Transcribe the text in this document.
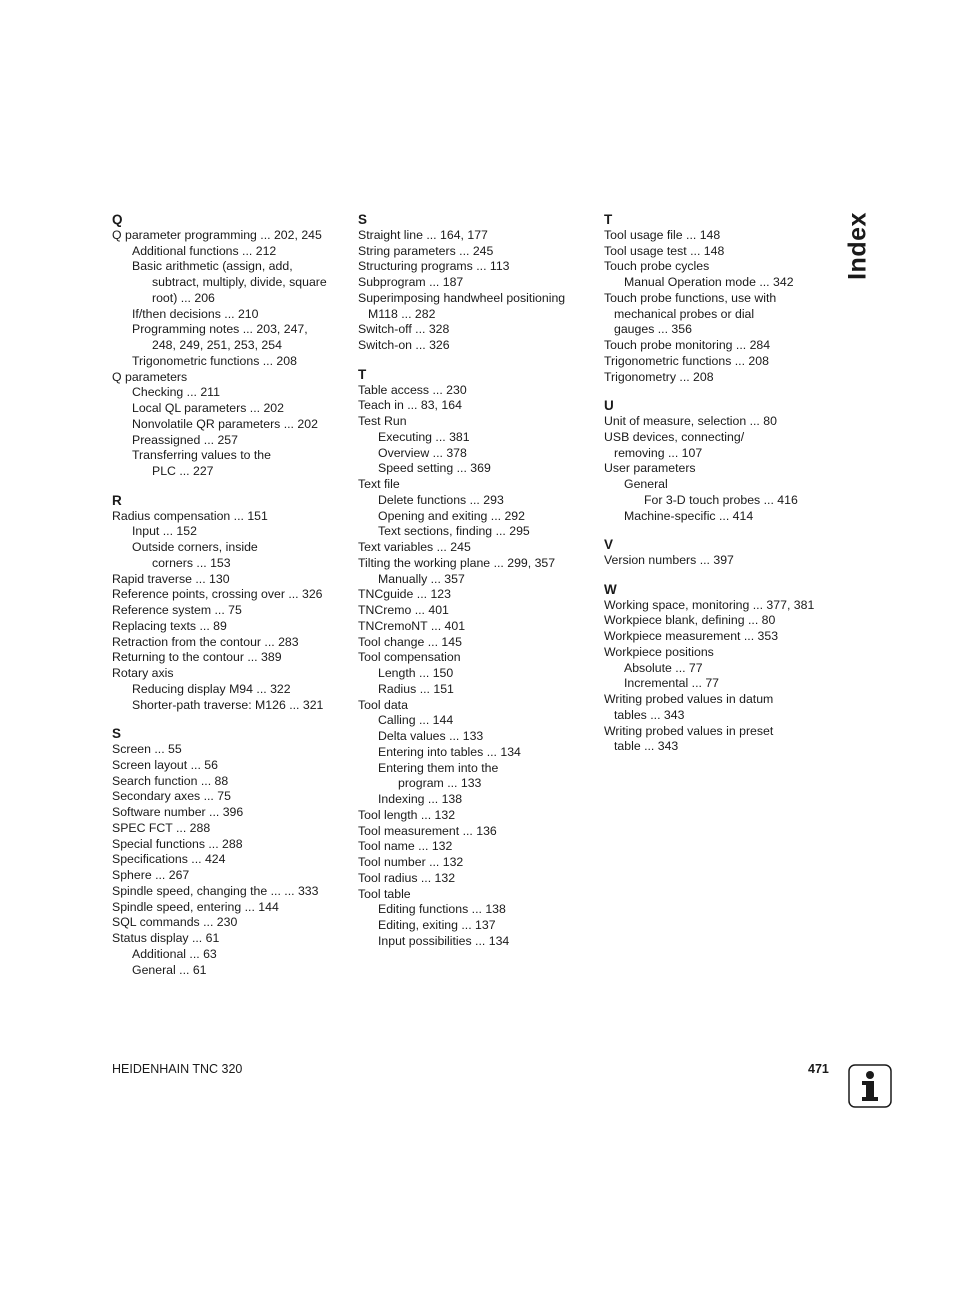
Q
Q parameter programming ... 202, 245
Additional functions ... 212
Basic arithmetic (assign, add,
subtract, multiply, divide, square
root) ... 206
If/then decisions ... 210
Programming notes ... 203, 247,
248, 249, 251, 253, 254
Trigonometric functions ... 208
Q parameters
Checking ... 211
Local QL parameters ... 202
Nonvolatile QR parameters ... 202
Preassigned ... 257
Transferring values to the
PLC ... 227
R
Radius compensation ... 151
Input ... 152
Outside corners, inside
corners ... 153
Rapid traverse ... 130
Reference points, crossing over ... 326
Reference system ... 75
Replacing texts ... 89
Retraction from the contour ... 283
Returning to the contour ... 389
Rotary axis
Reducing display M94 ... 322
Shorter-path traverse: M126 ... 321
S
Screen ... 55
Screen layout ... 56
Search function ... 88
Secondary axes ... 75
Software number ... 396
SPEC FCT ... 288
Special functions ... 288
Specifications ... 424
Sphere ... 267
Spindle speed, changing the ... ... 333
Spindle speed, entering ... 144
SQL commands ... 230
Status display ... 61
Additional ... 63
General ... 61
S
Straight line ... 164, 177
String parameters ... 245
Structuring programs ... 113
Subprogram ... 187
Superimposing handwheel positioning
M118 ... 282
Switch-off ... 328
Switch-on ... 326
T
Table access ... 230
Teach in ... 83, 164
Test Run
Executing ... 381
Overview ... 378
Speed setting ... 369
Text file
Delete functions ... 293
Opening and exiting ... 292
Text sections, finding ... 295
Text variables ... 245
Tilting the working plane ... 299, 357
Manually ... 357
TNCguide ... 123
TNCremo ... 401
TNCremoNT ... 401
Tool change ... 145
Tool compensation
Length ... 150
Radius ... 151
Tool data
Calling ... 144
Delta values ... 133
Entering into tables ... 134
Entering them into the
program ... 133
Indexing ... 138
Tool length ... 132
Tool measurement ... 136
Tool name ... 132
Tool number ... 132
Tool radius ... 132
Tool table
Editing functions ... 138
Editing, exiting ... 137
Input possibilities ... 134
T
Tool usage file ... 148
Tool usage test ... 148
Touch probe cycles
Manual Operation mode ... 342
Touch probe functions, use with
mechanical probes or dial
gauges ... 356
Touch probe monitoring ... 284
Trigonometric functions ... 208
Trigonometry ... 208
U
Unit of measure, selection ... 80
USB devices, connecting/
removing ... 107
User parameters
General
For 3-D touch probes ... 416
Machine-specific ... 414
V
Version numbers ... 397
W
Working space, monitoring ... 377, 381
Workpiece blank, defining ... 80
Workpiece measurement ... 353
Workpiece positions
Absolute ... 77
Incremental ... 77
Writing probed values in datum
tables ... 343
Writing probed values in preset
table ... 343
Index
HEIDENHAIN TNC 320	471
